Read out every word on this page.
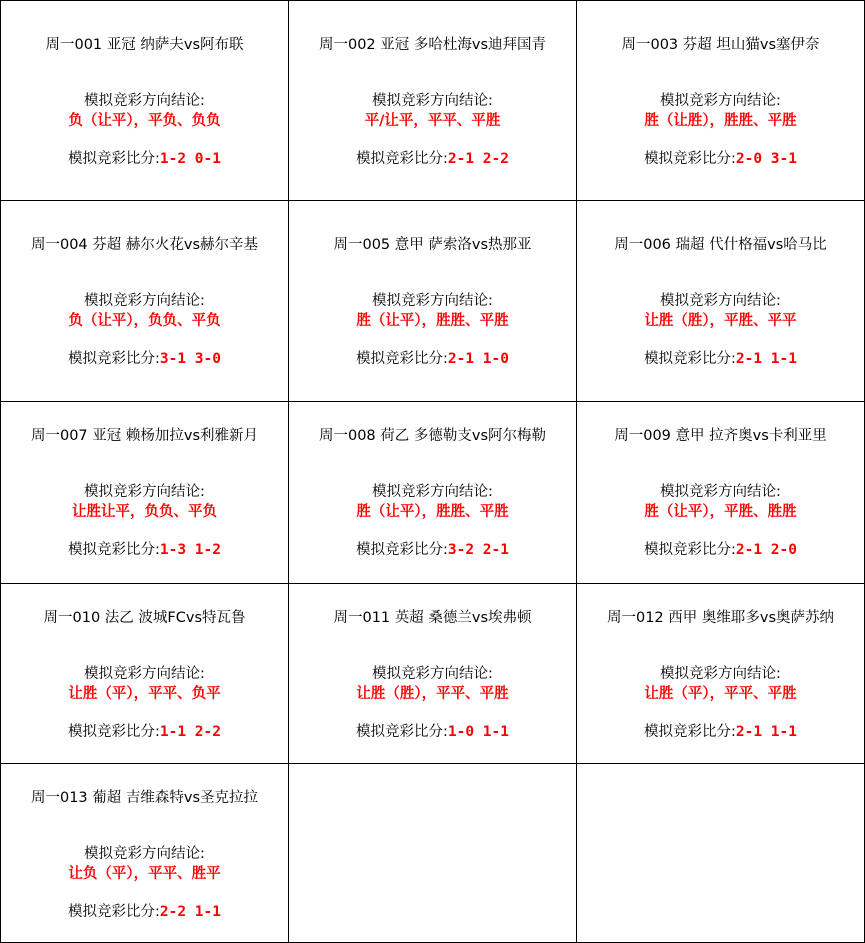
周一001 亚冠 纳萨夫vs阿布联
模拟竞彩方向结论:
负（让平），平负、负负
模拟竞彩比分:1-2 0-1
周一002 亚冠 多哈杜海vs迪拜国青
模拟竞彩方向结论:
平/让平，平平、平胜
模拟竞彩比分:2-1 2-2
周一003 芬超 坦山猫vs塞伊奈
模拟竞彩方向结论:
胜（让胜），胜胜、平胜
模拟竞彩比分:2-0 3-1
周一004 芬超 赫尔火花vs赫尔辛基
模拟竞彩方向结论:
负（让平），负负、平负
模拟竞彩比分:3-1 3-0
周一005 意甲 萨索洛vs热那亚
模拟竞彩方向结论:
胜（让平），胜胜、平胜
模拟竞彩比分:2-1 1-0
周一006 瑞超 代什格福vs哈马比
模拟竞彩方向结论:
让胜（胜），平胜、平平
模拟竞彩比分:2-1 1-1
周一007 亚冠 赖杨加拉vs利雅新月
模拟竞彩方向结论:
让胜让平，负负、平负
模拟竞彩比分:1-3 1-2
周一008 荷乙 多德勒支vs阿尔梅勒
模拟竞彩方向结论:
胜（让平），胜胜、平胜
模拟竞彩比分:3-2 2-1
周一009 意甲 拉齐奥vs卡利亚里
模拟竞彩方向结论:
胜（让平），平胜、胜胜
模拟竞彩比分:2-1 2-0
周一010 法乙 波城FCvs特瓦鲁
模拟竞彩方向结论:
让胜（平），平平、负平
模拟竞彩比分:1-1 2-2
周一011 英超 桑德兰vs埃弗顿
模拟竞彩方向结论:
让胜（胜），平平、平胜
模拟竞彩比分:1-0 1-1
周一012 西甲 奥维耶多vs奥萨苏纳
模拟竞彩方向结论:
让胜（平），平平、平胜
模拟竞彩比分:2-1 1-1
周一013 葡超 吉维森特vs圣克拉拉
模拟竞彩方向结论:
让负（平），平平、胜平
模拟竞彩比分:2-2 1-1
